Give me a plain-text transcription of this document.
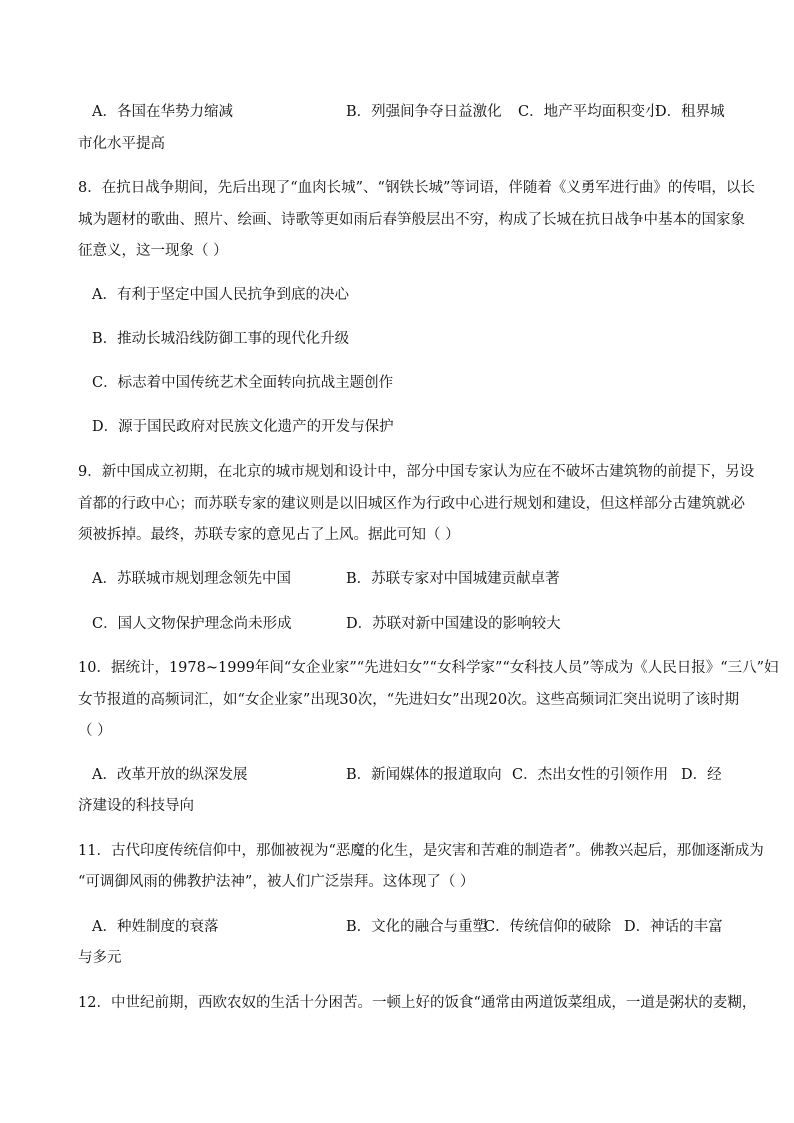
A．各国在华势力缩减	B．列强间争夺日益激化 C．地产平均面积变小
D．租界城
市化水平提高
8．在抗日战争期间，先后出现了“血肉长城”、“钢铁长城”等词语，伴随着《义勇军进行曲》的传唱，以长
城为题材的歌曲、照片、绘画、诗歌等更如雨后春笋般层出不穷，构成了长城在抗日战争中基本的国家象
征意义，这一现象（ ）
A．有利于坚定中国人民抗争到底的决心
B．推动长城沿线防御工事的现代化升级
C．标志着中国传统艺术全面转向抗战主题创作
D．源于国民政府对民族文化遗产的开发与保护
9．新中国成立初期，在北京的城市规划和设计中，部分中国专家认为应在不破坏古建筑物的前提下，另设
首都的行政中心；而苏联专家的建议则是以旧城区作为行政中心进行规划和建设，但这样部分古建筑就必
须被拆掉。最终，苏联专家的意见占了上风。据此可知（ ）
A．苏联城市规划理念领先中国	B．苏联专家对中国城建贡献卓著
C．国人文物保护理念尚未形成	D．苏联对新中国建设的影响较大
10．据统计，1978~1999年间“女企业家”“先进妇女”“女科学家”“女科技人员”等成为《人民日报》“三八”妇
女节报道的高频词汇，如“女企业家”出现30次，“先进妇女”出现20次。这些高频词汇突出说明了该时期
（ ）
A．改革开放的纵深发展	B．新闻媒体的报道取向 C．杰出女性的引领作用 D．经
济建设的科技导向
11．古代印度传统信仰中，那伽被视为“恶魔的化生，是灾害和苦难的制造者”。佛教兴起后，那伽逐渐成为
“可调御风雨的佛教护法神”，被人们广泛崇拜。这体现了（ ）
A．种姓制度的衰落	B．文化的融合与重塑
C．传统信仰的破除 D．神话的丰富
与多元
12．中世纪前期，西欧农奴的生活十分困苦。一顿上好的饭食“通常由两道饭菜组成，一道是粥状的麦糊，
